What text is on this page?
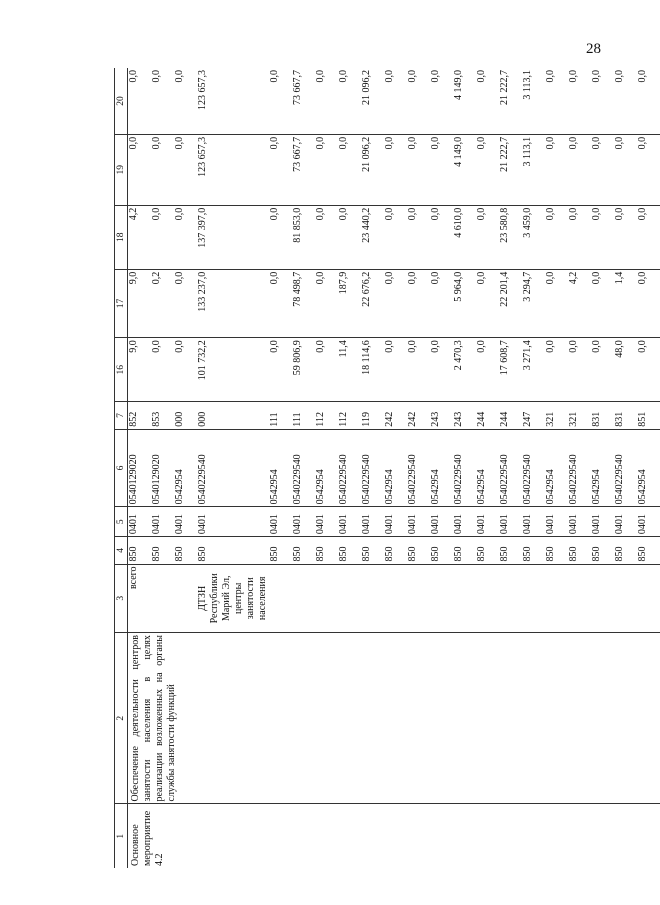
28
1	2	3	4	5	6	7	16	17	18	19	20

Основное мероприятие 4.2	Обеспечение деятельности центров занятости населения в целях реализации возложенных на органы службы занятости функций	всего	850	0401	0540129020	852	9,0	9,0	4,2	0,0	0,0
			850	0401	0540129020	853	0,0	0,2	0,0	0,0	0,0
			850	0401	0542954	000	0,0	0,0	0,0	0,0	0,0

		ДТЗН Республики Марий Эл, центры занятости населения	850	0401	0540229540	000	101 732,2	133 237,0	137 397,0	123 657,3	123 657,3
			850	0401	0542954	111	0,0	0,0	0,0	0,0	0,0
			850	0401	0540229540	111	59 806,9	78 498,7	81 853,0	73 667,7	73 667,7
			850	0401	0542954	112	0,0	0,0	0,0	0,0	0,0
			850	0401	0540229540	112	11,4	187,9	0,0	0,0	0,0
			850	0401	0540229540	119	18 114,6	22 676,2	23 440,2	21 096,2	21 096,2
			850	0401	0542954	242	0,0	0,0	0,0	0,0	0,0
			850	0401	0540229540	242	0,0	0,0	0,0	0,0	0,0
			850	0401	0542954	243	0,0	0,0	0,0	0,0	0,0
			850	0401	0540229540	243	2 470,3	5 964,0	4 610,0	4 149,0	4 149,0
			850	0401	0542954	244	0,0	0,0	0,0	0,0	0,0
			850	0401	0540229540	244	17 608,7	22 201,4	23 580,8	21 222,7	21 222,7
			850	0401	0540229540	247	3 271,4	3 294,7	3 459,0	3 113,1	3 113,1
			850	0401	0542954	321	0,0	0,0	0,0	0,0	0,0
			850	0401	0540229540	321	0,0	4,2	0,0	0,0	0,0
			850	0401	0542954	831	0,0	0,0	0,0	0,0	0,0
			850	0401	0540229540	831	48,0	1,4	0,0	0,0	0,0
			850	0401	0542954	851	0,0	0,0	0,0	0,0	0,0
